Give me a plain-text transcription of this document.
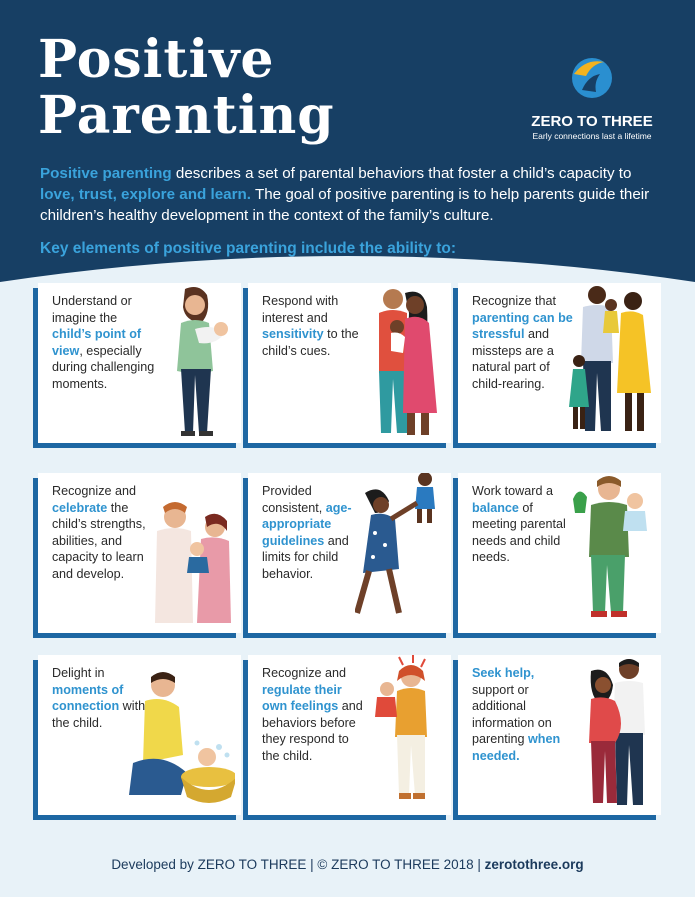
Positive
Parenting	ZERO TO THREE
Early connections last a lifetime
Positive parenting describes a set of parental behaviors that foster a child’s capacity to love, trust, explore and learn. The goal of positive parenting is to help parents guide their children’s healthy development in the context of the family’s culture.
Key elements of positive parenting include the ability to:
Understand or imagine the child’s point of view, especially during challenging moments.
Respond with interest and sensitivity to the child’s cues.
Recognize that parenting can be stressful and missteps are a natural part of child-rearing.
Recognize and celebrate the child’s strengths, abilities, and capacity to learn and develop.
Provided consistent, age-appropriate guidelines and limits for child behavior.
Work toward a balance of meeting parental needs and child needs.
Delight in moments of connection with the child.
Recognize and regulate their own feelings and behaviors before they respond to the child.
Seek help, support or additional information on parenting when needed.
Developed by ZERO TO THREE | © ZERO TO THREE 2018 | zerotothree.org
